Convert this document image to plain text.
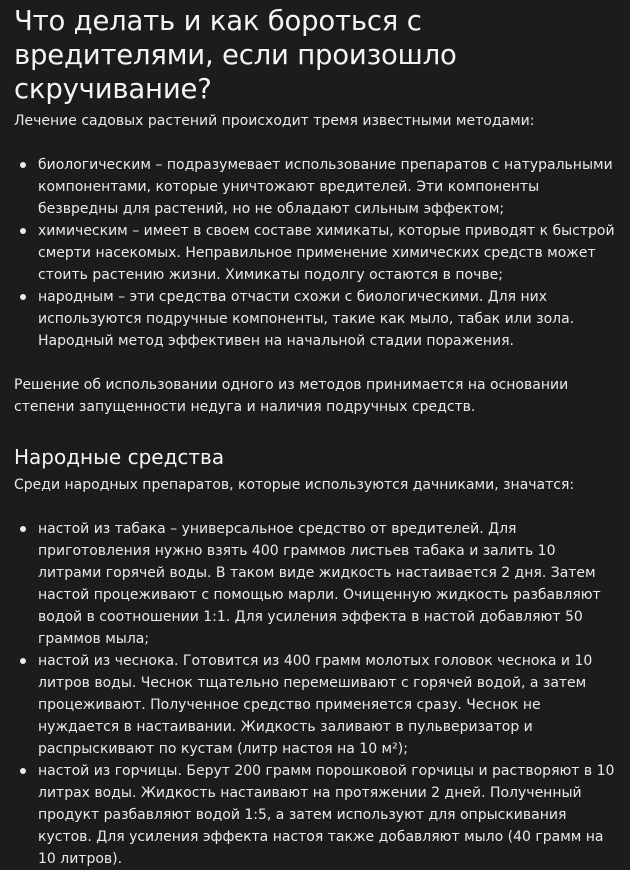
Что делать и как бороться с вредителями, если произошло скручивание?

Лечение садовых растений происходит тремя известными методами:

биологическим – подразумевает использование препаратов с натуральными компонентами, которые уничтожают вредителей. Эти компоненты безвредны для растений, но не обладают сильным эффектом;
химическим – имеет в своем составе химикаты, которые приводят к быстрой смерти насекомых. Неправильное применение химических средств может стоить растению жизни. Химикаты подолгу остаются в почве;
народным – эти средства отчасти схожи с биологическими. Для них используются подручные компоненты, такие как мыло, табак или зола. Народный метод эффективен на начальной стадии поражения.

Решение об использовании одного из методов принимается на основании степени запущенности недуга и наличия подручных средств.

Народные средства

Среди народных препаратов, которые используются дачниками, значатся:

настой из табака – универсальное средство от вредителей. Для приготовления нужно взять 400 граммов листьев табака и залить 10 литрами горячей воды. В таком виде жидкость настаивается 2 дня. Затем настой процеживают с помощью марли. Очищенную жидкость разбавляют водой в соотношении 1:1. Для усиления эффекта в настой добавляют 50 граммов мыла;
настой из чеснока. Готовится из 400 грамм молотых головок чеснока и 10 литров воды. Чеснок тщательно перемешивают с горячей водой, а затем процеживают. Полученное средство применяется сразу. Чеснок не нуждается в настаивании. Жидкость заливают в пульверизатор и распрыскивают по кустам (литр настоя на 10 м²);
настой из горчицы. Берут 200 грамм порошковой горчицы и растворяют в 10 литрах воды. Жидкость настаивают на протяжении 2 дней. Полученный продукт разбавляют водой 1:5, а затем используют для опрыскивания кустов. Для усиления эффекта настоя также добавляют мыло (40 грамм на 10 литров).
